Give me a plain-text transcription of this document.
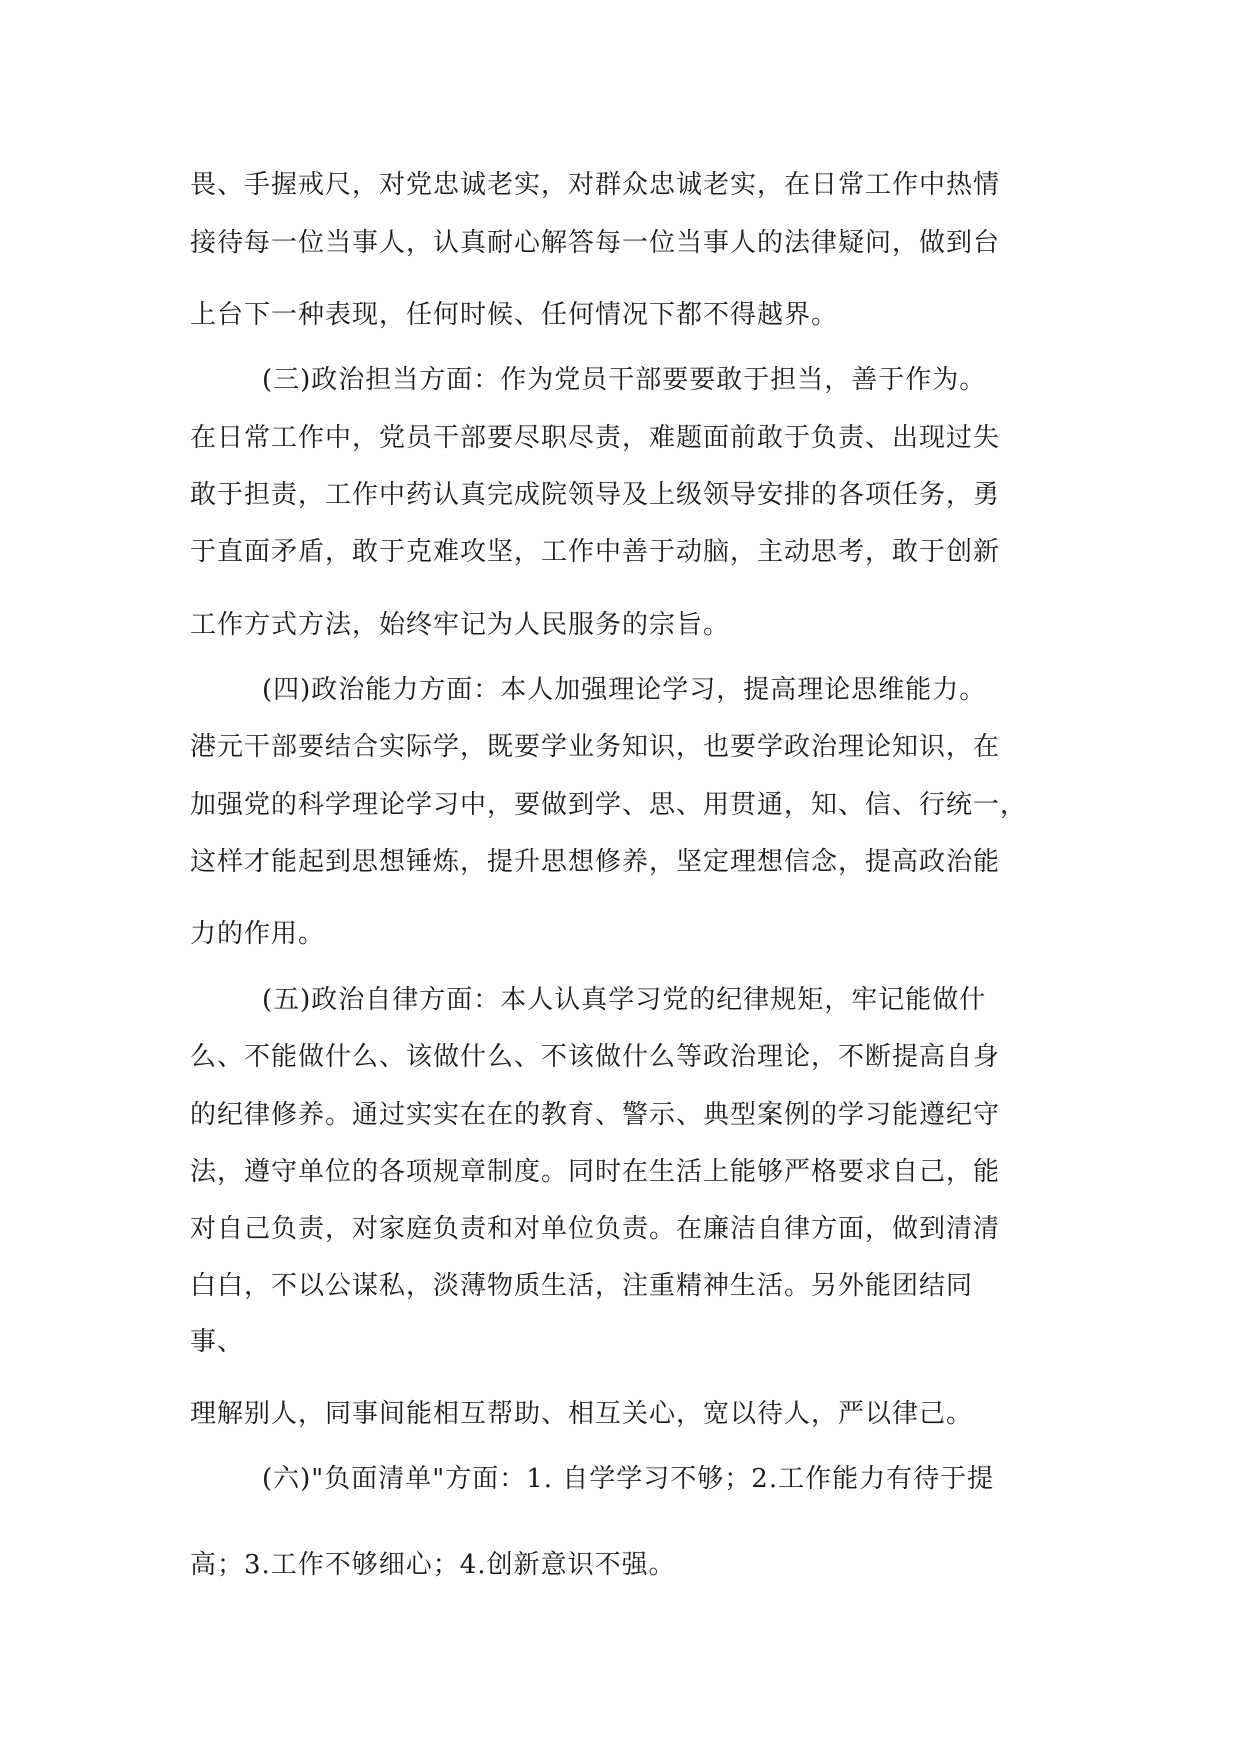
畏、手握戒尺，对党忠诚老实，对群众忠诚老实，在日常工作中热情

接待每一位当事人，认真耐心解答每一位当事人的法律疑问，做到台

上台下一种表现，任何时候、任何情况下都不得越界。

(三)政治担当方面：作为党员干部要要敢于担当，善于作为。

在日常工作中，党员干部要尽职尽责，难题面前敢于负责、出现过失

敢于担责，工作中药认真完成院领导及上级领导安排的各项任务，勇

于直面矛盾，敢于克难攻坚，工作中善于动脑，主动思考，敢于创新

工作方式方法，始终牢记为人民服务的宗旨。

(四)政治能力方面：本人加强理论学习，提高理论思维能力。

港元干部要结合实际学，既要学业务知识，也要学政治理论知识，在

加强党的科学理论学习中，要做到学、思、用贯通，知、信、行统一，

这样才能起到思想锤炼，提升思想修养，坚定理想信念，提高政治能

力的作用。

(五)政治自律方面：本人认真学习党的纪律规矩，牢记能做什

么、不能做什么、该做什么、不该做什么等政治理论，不断提高自身

的纪律修养。通过实实在在的教育、警示、典型案例的学习能遵纪守

法，遵守单位的各项规章制度。同时在生活上能够严格要求自己，能

对自己负责，对家庭负责和对单位负责。在廉洁自律方面，做到清清

白白，不以公谋私，淡薄物质生活，注重精神生活。另外能团结同

事、

理解别人，同事间能相互帮助、相互关心，宽以待人，严以律己。

(六)"负面清单"方面：1. 自学学习不够；2.工作能力有待于提

高；3.工作不够细心；4.创新意识不强。
